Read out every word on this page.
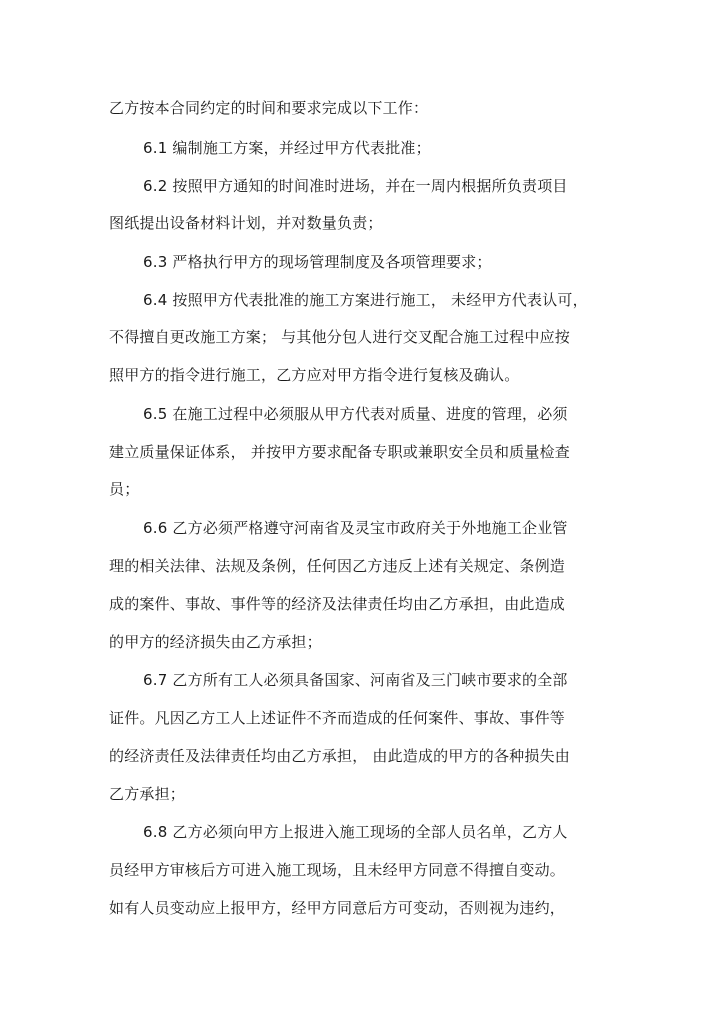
乙方按本合同约定的时间和要求完成以下工作：
6.1 编制施工方案，并经过甲方代表批准；
6.2 按照甲方通知的时间准时进场，并在一周内根据所负责项目
图纸提出设备材料计划，并对数量负责；
6.3 严格执行甲方的现场管理制度及各项管理要求；
6.4 按照甲方代表批准的施工方案进行施工， 未经甲方代表认可，
不得擅自更改施工方案； 与其他分包人进行交叉配合施工过程中应按
照甲方的指令进行施工，乙方应对甲方指令进行复核及确认。
6.5 在施工过程中必须服从甲方代表对质量、进度的管理，必须
建立质量保证体系， 并按甲方要求配备专职或兼职安全员和质量检查
员；
6.6 乙方必须严格遵守河南省及灵宝市政府关于外地施工企业管
理的相关法律、法规及条例，任何因乙方违反上述有关规定、条例造
成的案件、事故、事件等的经济及法律责任均由乙方承担，由此造成
的甲方的经济损失由乙方承担；
6.7 乙方所有工人必须具备国家、河南省及三门峡市要求的全部
证件。凡因乙方工人上述证件不齐而造成的任何案件、事故、事件等
的经济责任及法律责任均由乙方承担， 由此造成的甲方的各种损失由
乙方承担；
6.8 乙方必须向甲方上报进入施工现场的全部人员名单，乙方人
员经甲方审核后方可进入施工现场，且未经甲方同意不得擅自变动。
如有人员变动应上报甲方，经甲方同意后方可变动，否则视为违约，
